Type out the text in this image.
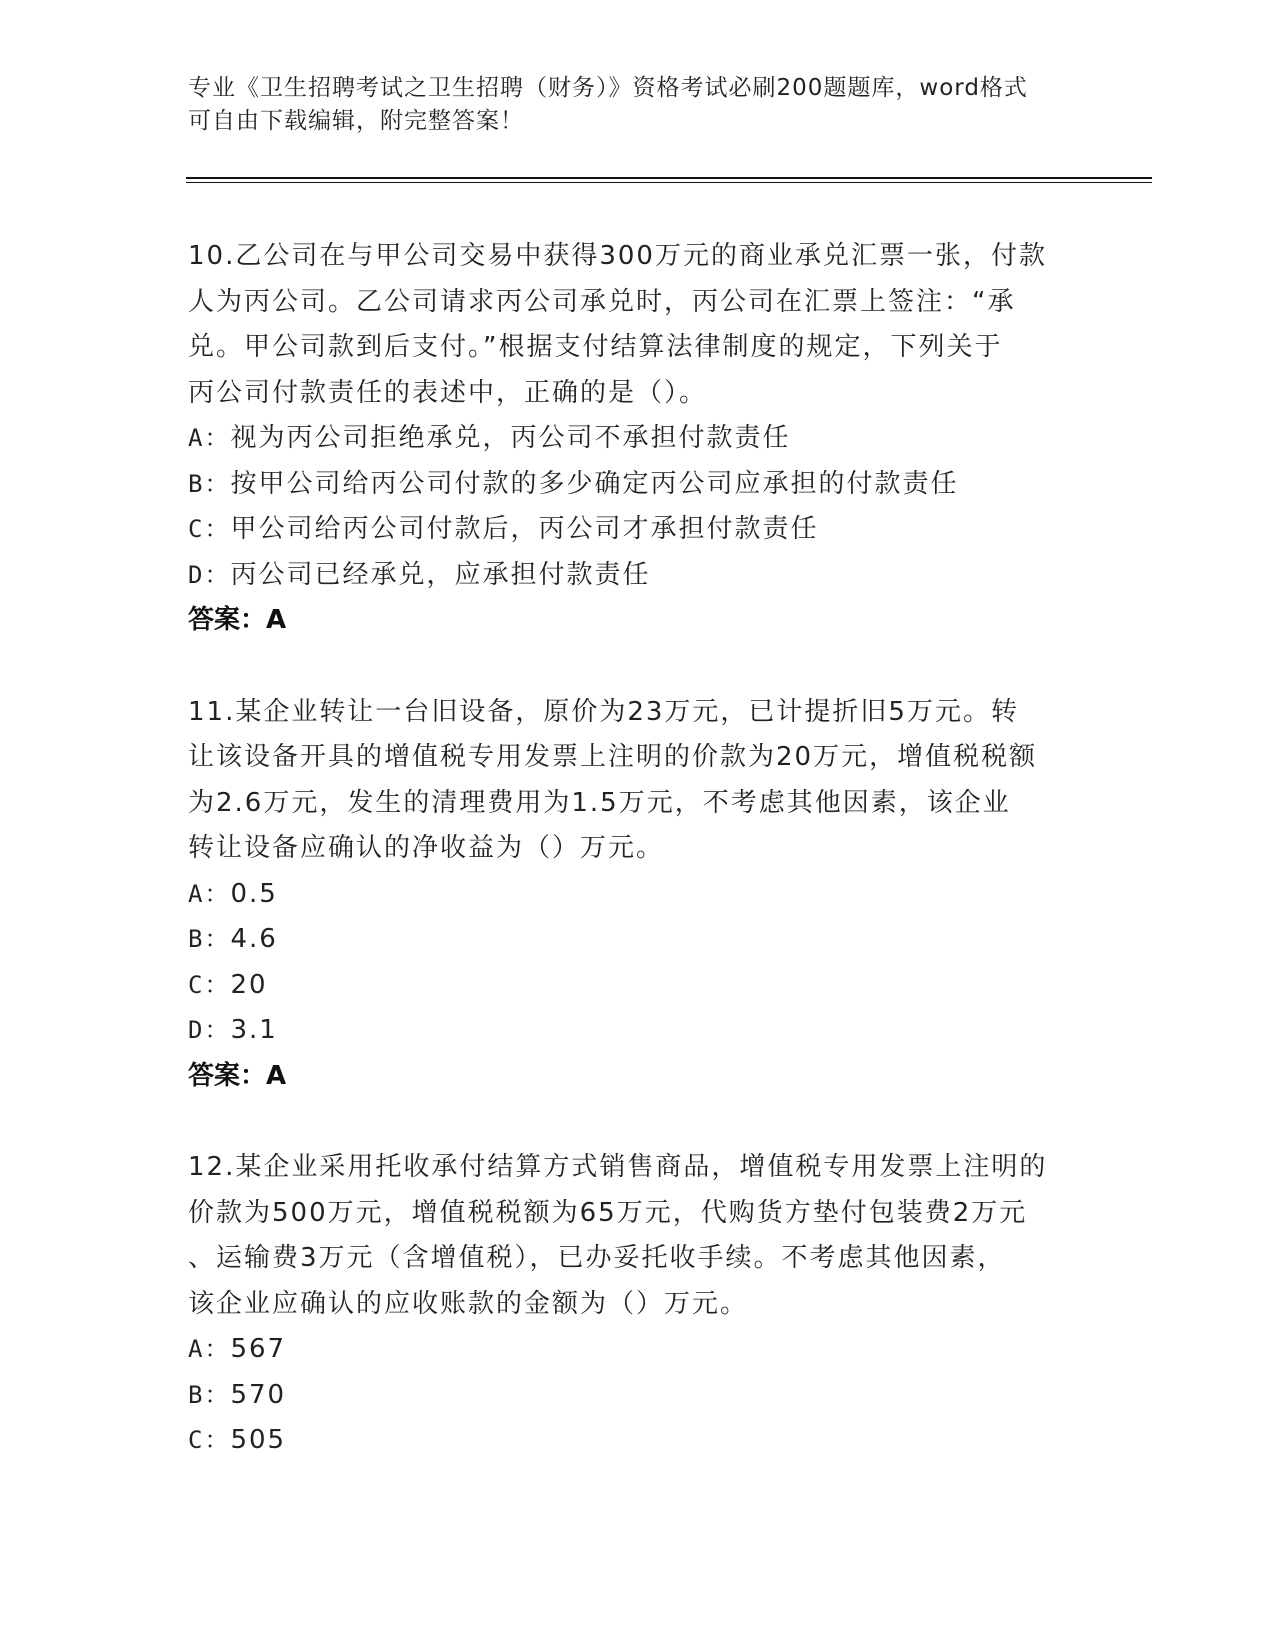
专业《卫生招聘考试之卫生招聘（财务）》资格考试必刷200题题库，word格式
可自由下载编辑，附完整答案！
10.乙公司在与甲公司交易中获得300万元的商业承兑汇票一张，付款
人为丙公司。乙公司请求丙公司承兑时，丙公司在汇票上签注：“承
兑。甲公司款到后支付。”根据支付结算法律制度的规定，下列关于
丙公司付款责任的表述中，正确的是（）。
A：视为丙公司拒绝承兑，丙公司不承担付款责任
B：按甲公司给丙公司付款的多少确定丙公司应承担的付款责任
C：甲公司给丙公司付款后，丙公司才承担付款责任
D：丙公司已经承兑，应承担付款责任
答案：A
11.某企业转让一台旧设备，原价为23万元，已计提折旧5万元。转
让该设备开具的增值税专用发票上注明的价款为20万元，增值税税额
为2.6万元，发生的清理费用为1.5万元，不考虑其他因素，该企业
转让设备应确认的净收益为（）万元。
A：0.5
B：4.6
C：20
D：3.1
答案：A
12.某企业采用托收承付结算方式销售商品，增值税专用发票上注明的
价款为500万元，增值税税额为65万元，代购货方垫付包装费2万元
、运输费3万元（含增值税），已办妥托收手续。不考虑其他因素，
该企业应确认的应收账款的金额为（）万元。
A：567
B：570
C：505
